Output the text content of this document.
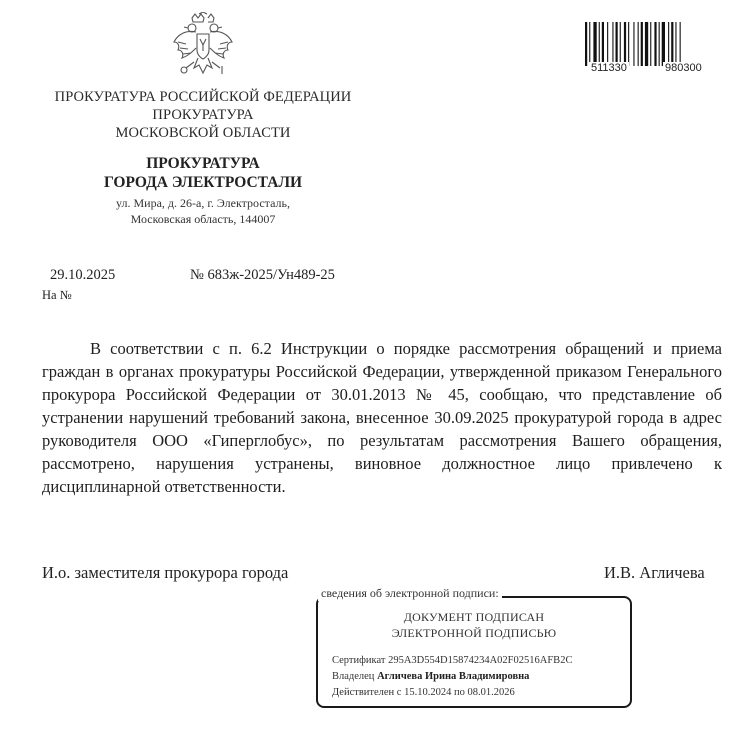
511330	980300
ПРОКУРАТУРА РОССИЙСКОЙ ФЕДЕРАЦИИ
ПРОКУРАТУРА
МОСКОВСКОЙ ОБЛАСТИ
ПРОКУРАТУРА
ГОРОДА ЭЛЕКТРОСТАЛИ
ул. Мира, д. 26-а, г. Электросталь,
Московская область, 144007
29.10.2025	№ 683ж-2025/Ун489-25
На №
В соответствии с п. 6.2 Инструкции о порядке рассмотрения обращений и приема граждан в органах прокуратуры Российской Федерации, утвержденной приказом Генерального прокурора Российской Федерации от 30.01.2013 № 45, сообщаю, что представление об устранении нарушений требований закона, внесенное 30.09.2025 прокуратурой города в адрес руководителя ООО «Гиперглобус», по результатам рассмотрения Вашего обращения, рассмотрено, нарушения устранены, виновное должностное лицо привлечено к дисциплинарной ответственности.
И.о. заместителя прокурора города	И.В. Агличева
сведения об электронной подписи:
ДОКУМЕНТ ПОДПИСАН
ЭЛЕКТРОННОЙ ПОДПИСЬЮ
Сертификат 295A3D554D15874234A02F02516AFB2C
Владелец Агличева Ирина Владимировна
Действителен с 15.10.2024 по 08.01.2026
